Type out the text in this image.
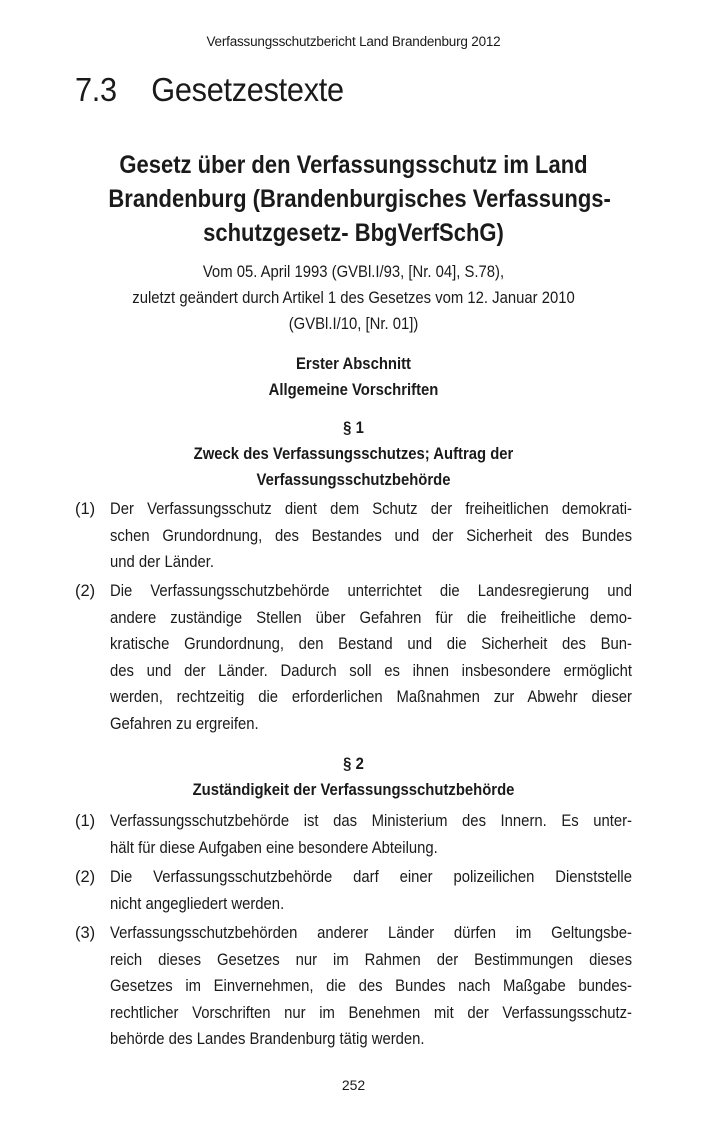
Verfassungsschutzbericht Land Brandenburg 2012
7.3 Gesetzestexte
Gesetz über den Verfassungsschutz im Land
Brandenburg (Brandenburgisches Verfassungs-
schutzgesetz- BbgVerfSchG)
Vom 05. April 1993 (GVBl.I/93, [Nr. 04], S.78),
zuletzt geändert durch Artikel 1 des Gesetzes vom 12. Januar 2010
(GVBl.I/10, [Nr. 01])
Erster Abschnitt
Allgemeine Vorschriften
§ 1
Zweck des Verfassungsschutzes; Auftrag der
Verfassungsschutzbehörde
(1) Der Verfassungsschutz dient dem Schutz der freiheitlichen demokrati-
schen Grundordnung, des Bestandes und der Sicherheit des Bundes
und der Länder.
(2) Die Verfassungsschutzbehörde unterrichtet die Landesregierung und
andere zuständige Stellen über Gefahren für die freiheitliche demo-
kratische Grundordnung, den Bestand und die Sicherheit des Bun-
des und der Länder. Dadurch soll es ihnen insbesondere ermöglicht
werden, rechtzeitig die erforderlichen Maßnahmen zur Abwehr dieser
Gefahren zu ergreifen.
§ 2
Zuständigkeit der Verfassungsschutzbehörde
(1) Verfassungsschutzbehörde ist das Ministerium des Innern. Es unter-
hält für diese Aufgaben eine besondere Abteilung.
(2) Die Verfassungsschutzbehörde darf einer polizeilichen Dienststelle
nicht angegliedert werden.
(3) Verfassungsschutzbehörden anderer Länder dürfen im Geltungsbe-
reich dieses Gesetzes nur im Rahmen der Bestimmungen dieses
Gesetzes im Einvernehmen, die des Bundes nach Maßgabe bundes-
rechtlicher Vorschriften nur im Benehmen mit der Verfassungsschutz-
behörde des Landes Brandenburg tätig werden.
252
